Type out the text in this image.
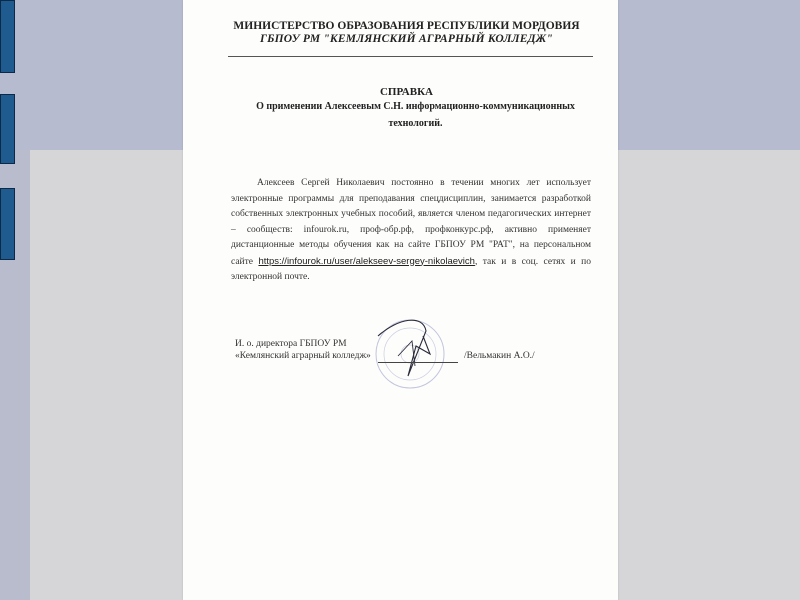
МИНИСТЕРСТВО ОБРАЗОВАНИЯ РЕСПУБЛИКИ МОРДОВИЯ
ГБПОУ РМ "КЕМЛЯНСКИЙ АГРАРНЫЙ КОЛЛЕДЖ"
СПРАВКА
О применении Алексеевым С.Н. информационно-коммуникационных технологий.
Алексеев Сергей Николаевич постоянно в течении многих лет использует электронные программы для преподавания спецдисциплин, занимается разработкой собственных электронных учебных пособий, является членом педагогических интернет – сообществ: infourok.ru, проф-обр.рф, профконкурс.рф, активно применяет дистанционные методы обучения как на сайте ГБПОУ РМ "РАТ", на персональном сайте https://infourok.ru/user/alekseev-sergey-nikolaevich, так и в соц. сетях и по электронной почте.
И. о. директора ГБПОУ РМ
«Кемлянский аграрный колледж»	/Вельмакин А.О./
